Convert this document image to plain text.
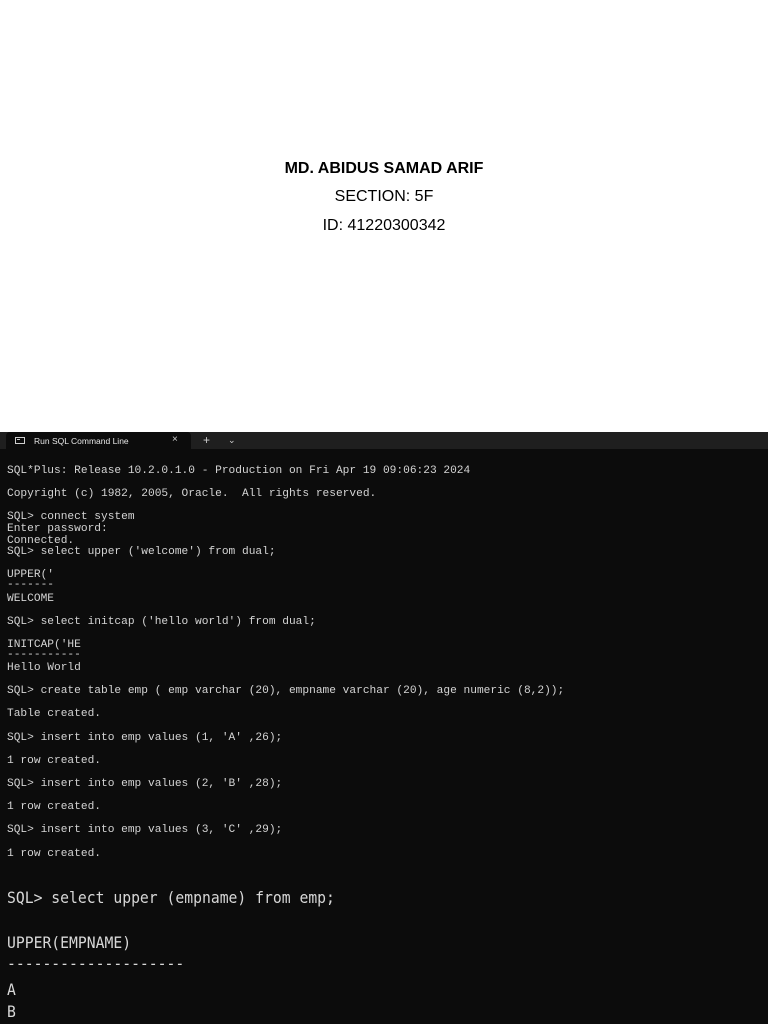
MD. ABIDUS SAMAD ARIF
SECTION: 5F
ID: 41220300342
Run SQL Command Line	× + ⌄
SQL*Plus: Release 10.2.0.1.0 - Production on Fri Apr 19 09:06:23 2024
Copyright (c) 1982, 2005, Oracle.  All rights reserved.
SQL> connect system
Enter password:
Connected.
SQL> select upper ('welcome') from dual;
UPPER('
-------
WELCOME
SQL> select initcap ('hello world') from dual;
INITCAP('HE
-----------
Hello World
SQL> create table emp ( emp varchar (20), empname varchar (20), age numeric (8,2));
Table created.
SQL> insert into emp values (1, 'A' ,26);
1 row created.
SQL> insert into emp values (2, 'B' ,28);
1 row created.
SQL> insert into emp values (3, 'C' ,29);
1 row created.
SQL> select upper (empname) from emp;
UPPER(EMPNAME)
--------------------
A
B
